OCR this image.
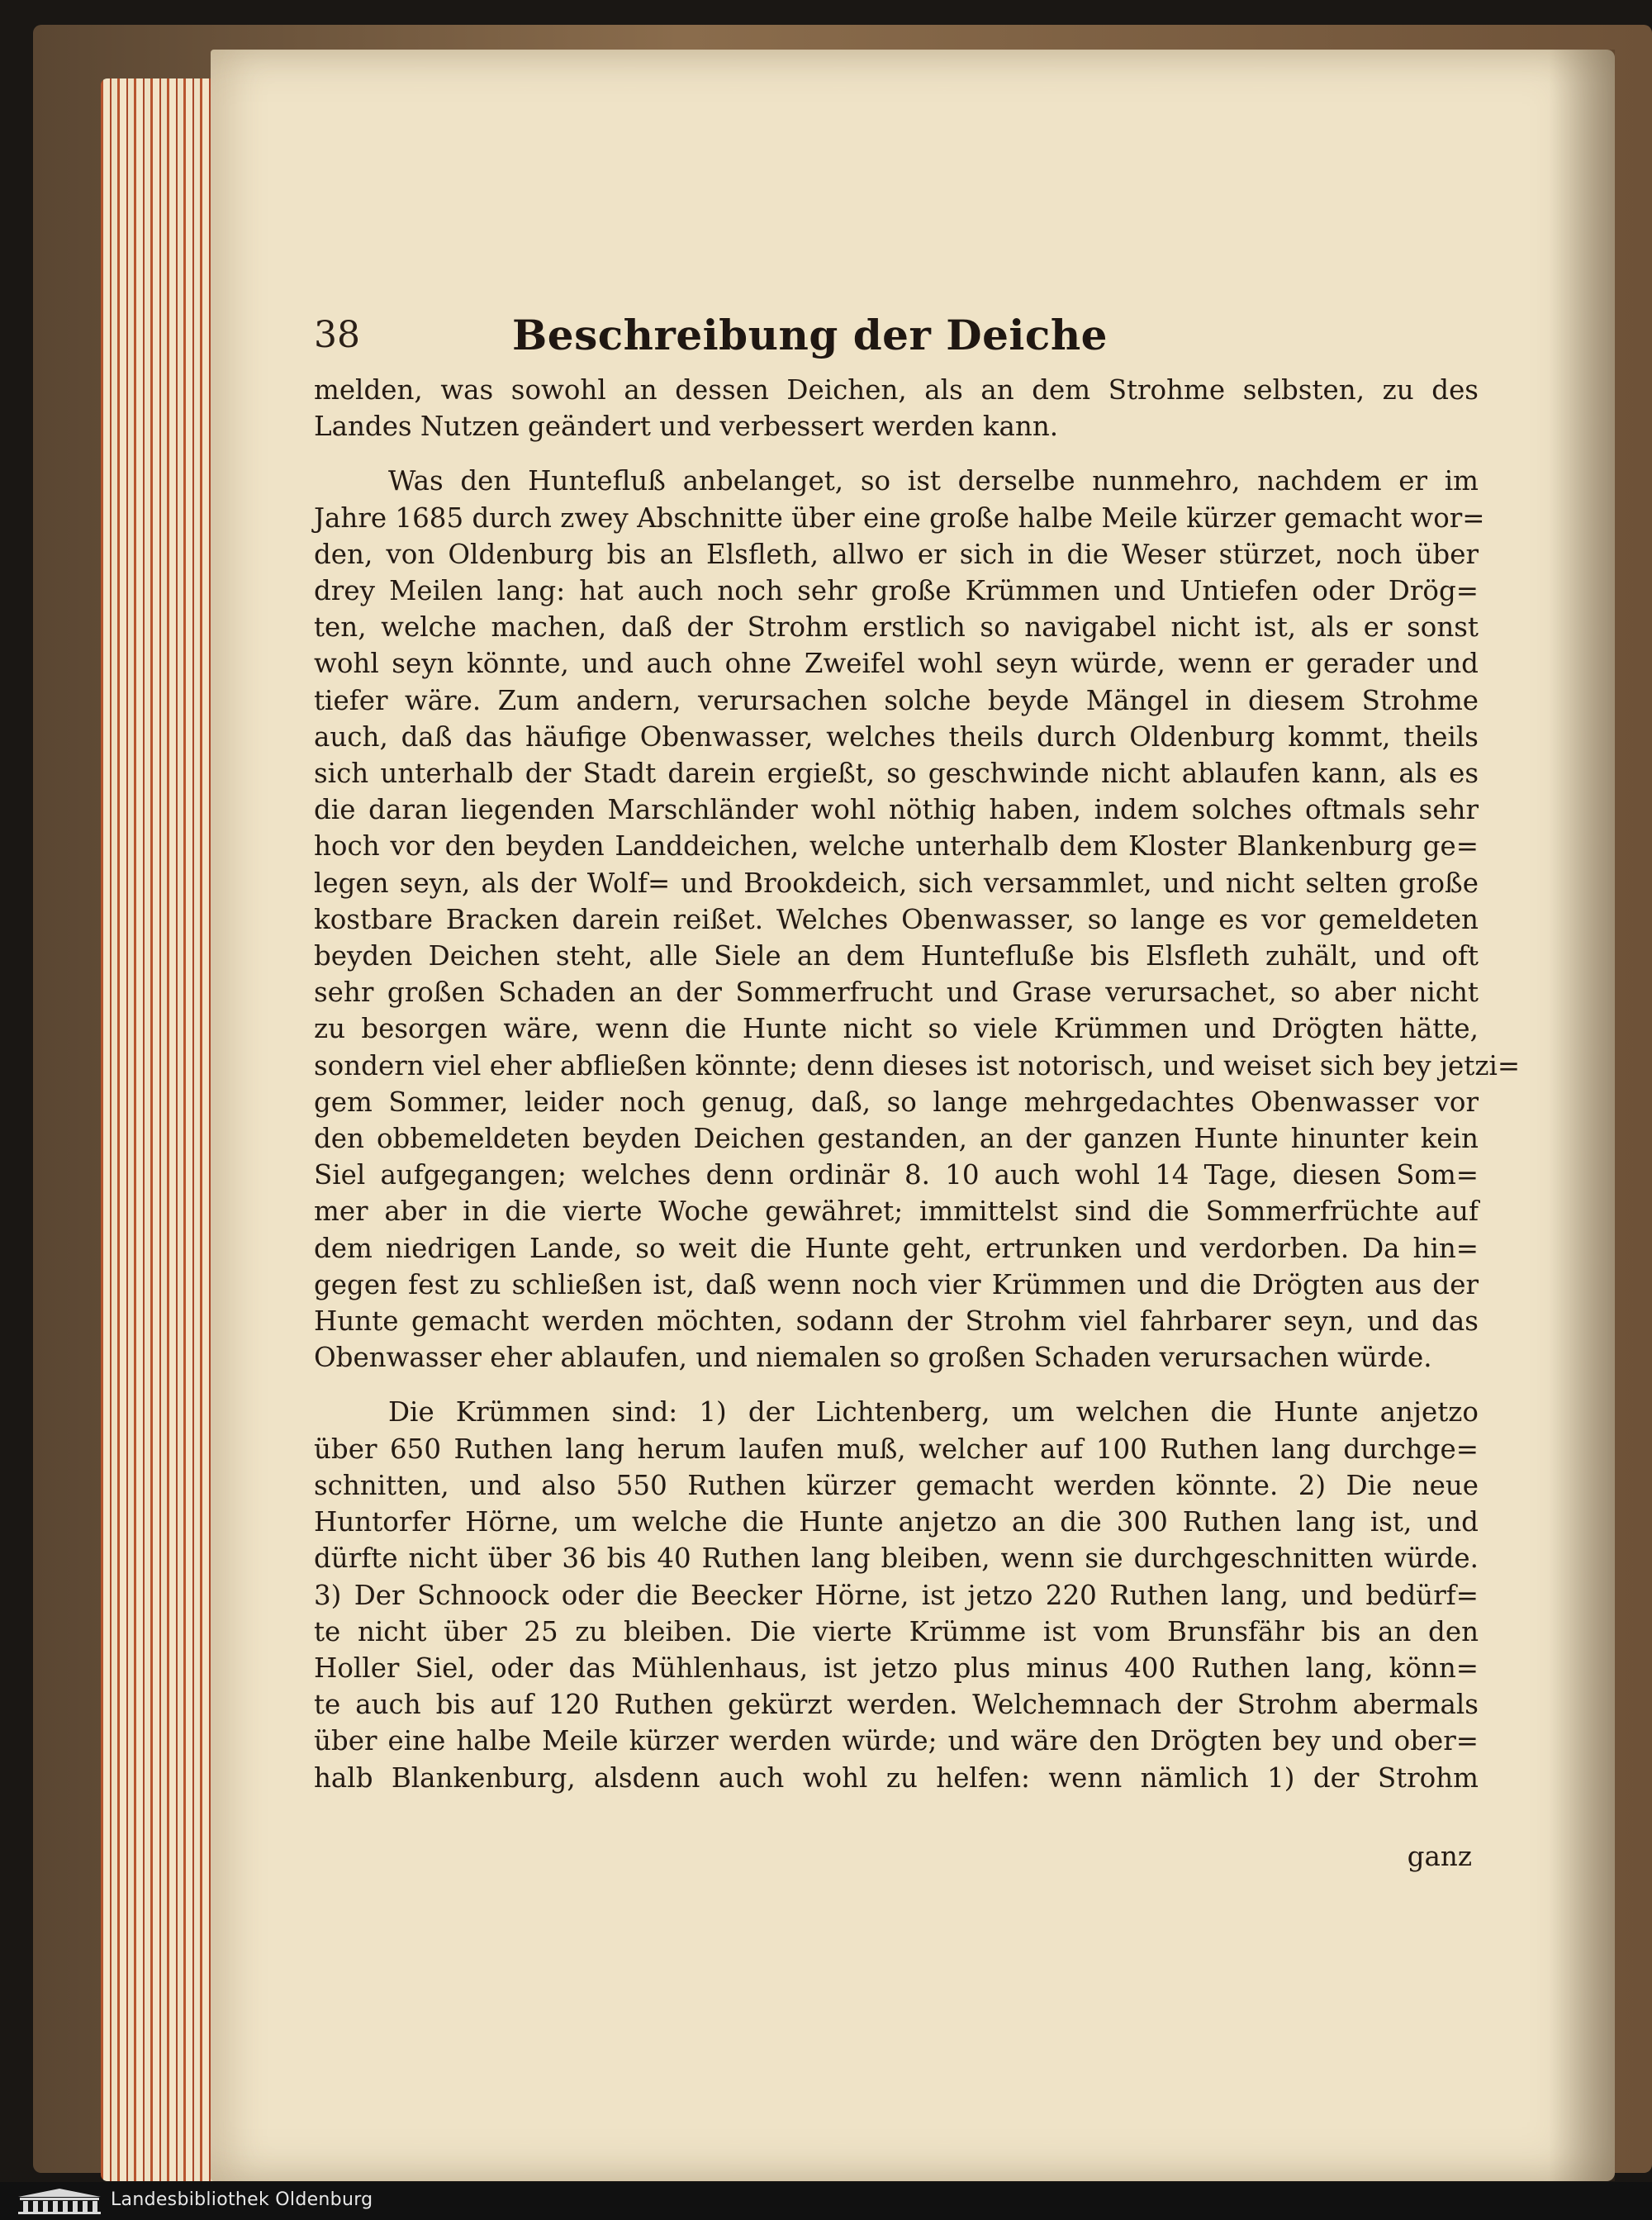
38	Beschreibung der Deiche
melden, was sowohl an dessen Deichen, als an dem Strohme selbsten, zu des
Landes Nutzen geändert und verbessert werden kann.
Was den Huntefluß anbelanget, so ist derselbe nunmehro, nachdem er im
Jahre 1685 durch zwey Abschnitte über eine große halbe Meile kürzer gemacht wor=
den, von Oldenburg bis an Elsfleth, allwo er sich in die Weser stürzet, noch über
drey Meilen lang: hat auch noch sehr große Krümmen und Untiefen oder Drög=
ten, welche machen, daß der Strohm erstlich so navigabel nicht ist, als er sonst
wohl seyn könnte, und auch ohne Zweifel wohl seyn würde, wenn er gerader und
tiefer wäre. Zum andern, verursachen solche beyde Mängel in diesem Strohme
auch, daß das häufige Obenwasser, welches theils durch Oldenburg kommt, theils
sich unterhalb der Stadt darein ergießt, so geschwinde nicht ablaufen kann, als es
die daran liegenden Marschländer wohl nöthig haben, indem solches oftmals sehr
hoch vor den beyden Landdeichen, welche unterhalb dem Kloster Blankenburg ge=
legen seyn, als der Wolf= und Brookdeich, sich versammlet, und nicht selten große
kostbare Bracken darein reißet. Welches Obenwasser, so lange es vor gemeldeten
beyden Deichen steht, alle Siele an dem Huntefluße bis Elsfleth zuhält, und oft
sehr großen Schaden an der Sommerfrucht und Grase verursachet, so aber nicht
zu besorgen wäre, wenn die Hunte nicht so viele Krümmen und Drögten hätte,
sondern viel eher abfließen könnte; denn dieses ist notorisch, und weiset sich bey jetzi=
gem Sommer, leider noch genug, daß, so lange mehrgedachtes Obenwasser vor
den obbemeldeten beyden Deichen gestanden, an der ganzen Hunte hinunter kein
Siel aufgegangen; welches denn ordinär 8. 10 auch wohl 14 Tage, diesen Som=
mer aber in die vierte Woche gewähret; immittelst sind die Sommerfrüchte auf
dem niedrigen Lande, so weit die Hunte geht, ertrunken und verdorben. Da hin=
gegen fest zu schließen ist, daß wenn noch vier Krümmen und die Drögten aus der
Hunte gemacht werden möchten, sodann der Strohm viel fahrbarer seyn, und das
Obenwasser eher ablaufen, und niemalen so großen Schaden verursachen würde.
Die Krümmen sind: 1) der Lichtenberg, um welchen die Hunte anjetzo
über 650 Ruthen lang herum laufen muß, welcher auf 100 Ruthen lang durchge=
schnitten, und also 550 Ruthen kürzer gemacht werden könnte. 2) Die neue
Huntorfer Hörne, um welche die Hunte anjetzo an die 300 Ruthen lang ist, und
dürfte nicht über 36 bis 40 Ruthen lang bleiben, wenn sie durchgeschnitten würde.
3) Der Schnoock oder die Beecker Hörne, ist jetzo 220 Ruthen lang, und bedürf=
te nicht über 25 zu bleiben. Die vierte Krümme ist vom Brunsfähr bis an den
Holler Siel, oder das Mühlenhaus, ist jetzo plus minus 400 Ruthen lang, könn=
te auch bis auf 120 Ruthen gekürzt werden. Welchemnach der Strohm abermals
über eine halbe Meile kürzer werden würde; und wäre den Drögten bey und ober=
halb Blankenburg, alsdenn auch wohl zu helfen: wenn nämlich 1) der Strohm
ganz
Landesbibliothek Oldenburg
